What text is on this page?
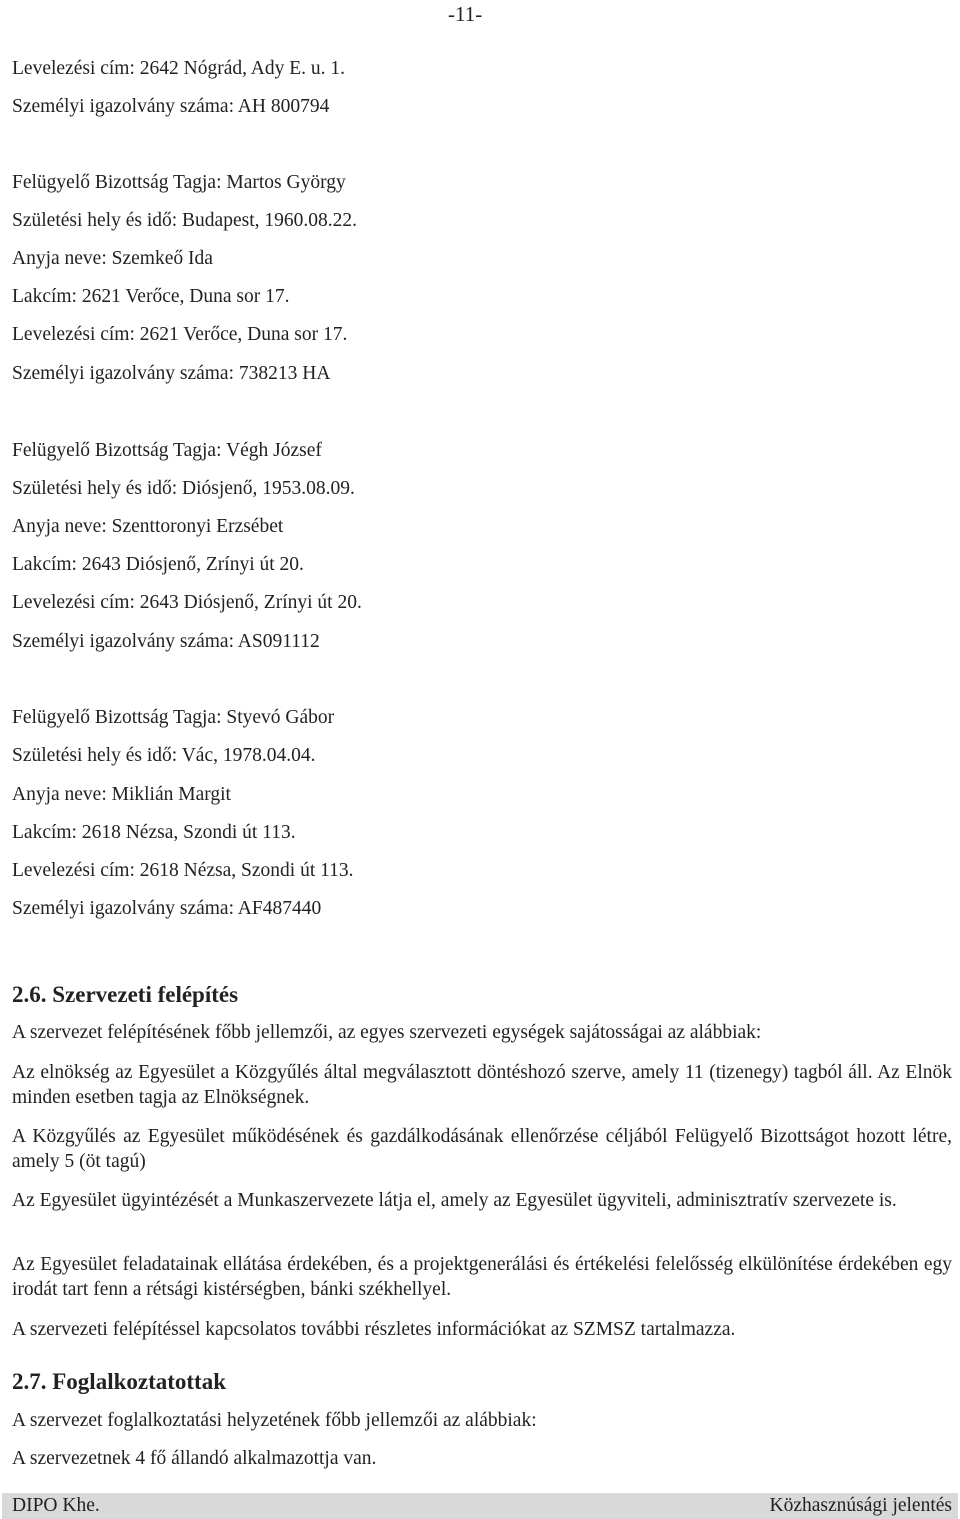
-11-
Levelezési cím: 2642 Nógrád, Ady E. u. 1.
Személyi igazolvány száma: AH 800794
Felügyelő Bizottság Tagja: Martos György
Születési hely és idő: Budapest, 1960.08.22.
Anyja neve: Szemkeő Ida
Lakcím: 2621 Verőce, Duna sor 17.
Levelezési cím: 2621 Verőce, Duna sor 17.
Személyi igazolvány száma: 738213 HA
Felügyelő Bizottság Tagja: Végh József
Születési hely és idő: Diósjenő, 1953.08.09.
Anyja neve: Szenttoronyi Erzsébet
Lakcím: 2643 Diósjenő, Zrínyi út 20.
Levelezési cím: 2643 Diósjenő, Zrínyi út 20.
Személyi igazolvány száma: AS091112
Felügyelő Bizottság Tagja: Styevó Gábor
Születési hely és idő: Vác, 1978.04.04.
Anyja neve: Miklián Margit
Lakcím: 2618 Nézsa, Szondi út 113.
Levelezési cím: 2618 Nézsa, Szondi út 113.
Személyi igazolvány száma: AF487440
2.6. Szervezeti felépítés
A szervezet felépítésének főbb jellemzői, az egyes szervezeti egységek sajátosságai az alábbiak:
Az elnökség az Egyesület a Közgyűlés által megválasztott döntéshozó szerve, amely 11 (tizenegy) tagból áll. Az Elnök minden esetben tagja az Elnökségnek.
A Közgyűlés az Egyesület működésének és gazdálkodásának ellenőrzése céljából Felügyelő Bizottságot hozott létre, amely 5 (öt tagú)
Az Egyesület ügyintézését a Munkaszervezete látja el, amely az Egyesület ügyviteli, adminisztratív szervezete is.
Az Egyesület feladatainak ellátása érdekében, és a projektgenerálási és értékelési felelősség elkülönítése érdekében egy irodát tart fenn a rétsági kistérségben, bánki székhellyel.
A szervezeti felépítéssel kapcsolatos további részletes információkat az SZMSZ tartalmazza.
2.7. Foglalkoztatottak
A szervezet foglalkoztatási helyzetének főbb jellemzői az alábbiak:
A szervezetnek 4 fő állandó alkalmazottja van.
DIPO Khe.	Közhasznúsági jelentés
